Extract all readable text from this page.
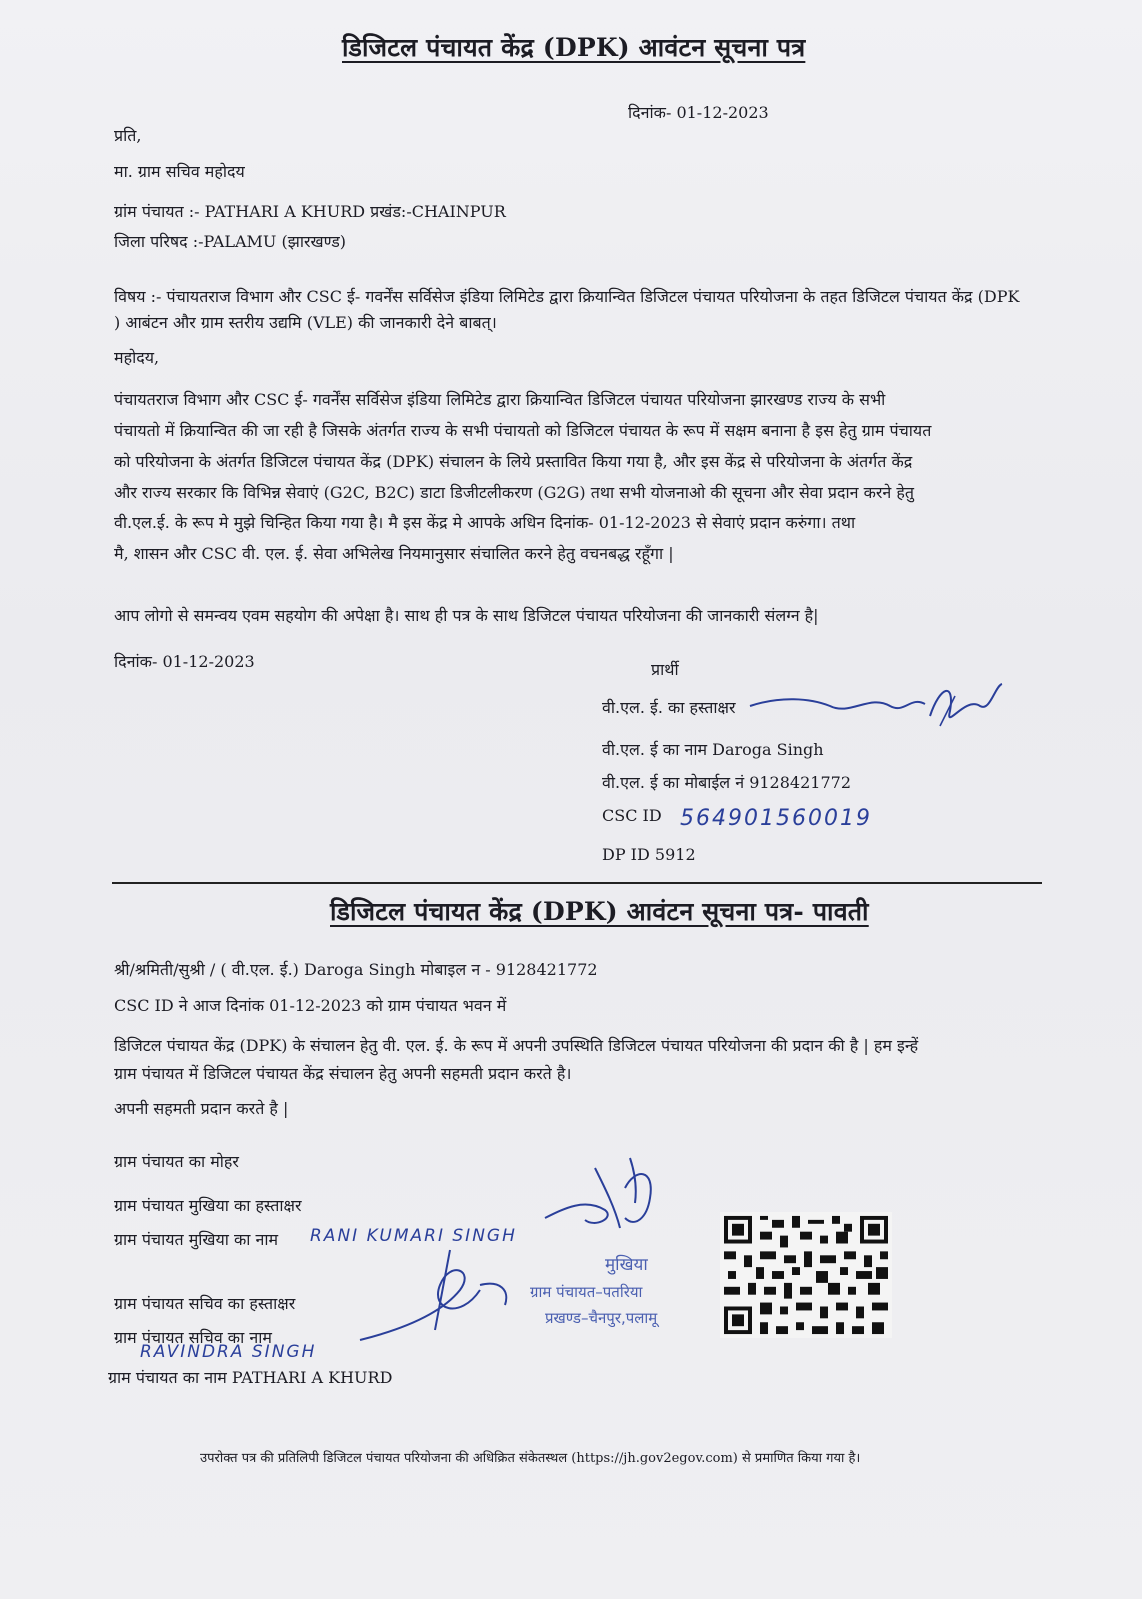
डिजिटल पंचायत केंद्र (DPK) आवंटन सूचना पत्र
दिनांक- 01-12-2023
प्रति,
मा. ग्राम सचिव महोदय
ग्रांम पंचायत :- PATHARI A KHURD प्रखंड:-CHAINPUR
जिला परिषद :-PALAMU (झारखण्ड)
विषय :- पंचायतराज विभाग और CSC ई- गवर्नेंस सर्विसेज इंडिया लिमिटेड द्वारा क्रियान्वित डिजिटल पंचायत परियोजना के तहत डिजिटल पंचायत केंद्र (DPK ) आबंटन और ग्राम स्तरीय उद्यमि (VLE) की जानकारी देने बाबत्।
महोदय,
पंचायतराज विभाग और CSC ई- गवर्नेंस सर्विसेज इंडिया लिमिटेड द्वारा क्रियान्वित डिजिटल पंचायत परियोजना झारखण्ड राज्य के सभी
पंचायतो में क्रियान्वित की जा रही है जिसके अंतर्गत राज्य के सभी पंचायतो को डिजिटल पंचायत के रूप में सक्षम बनाना है इस हेतु ग्राम पंचायत
को परियोजना के अंतर्गत डिजिटल पंचायत केंद्र (DPK) संचालन के लिये प्रस्तावित किया गया है, और इस केंद्र से परियोजना के अंतर्गत केंद्र
और राज्य सरकार कि विभिन्न सेवाएं (G2C, B2C) डाटा डिजीटलीकरण (G2G) तथा सभी योजनाओ की सूचना और सेवा प्रदान करने हेतु
वी.एल.ई. के रूप मे मुझे चिन्हित किया गया है। मै इस केंद्र मे आपके अधिन दिनांक- 01-12-2023 से सेवाएं प्रदान करुंगा। तथा
मै, शासन और CSC वी. एल. ई. सेवा अभिलेख नियमानुसार संचालित करने हेतु वचनबद्ध रहूँगा |
आप लोगो से समन्वय एवम सहयोग की अपेक्षा है। साथ ही पत्र के साथ डिजिटल पंचायत परियोजना की जानकारी संलग्न है|
दिनांक- 01-12-2023	प्रार्थी
वी.एल. ई. का हस्ताक्षर
वी.एल. ई का नाम Daroga Singh
वी.एल. ई का मोबाईल नं 9128421772
CSC ID 564901560019
DP ID 5912
डिजिटल पंचायत केंद्र (DPK) आवंटन सूचना पत्र- पावती
श्री/श्रमिती/सुश्री / ( वी.एल. ई.) Daroga Singh मोबाइल न - 9128421772
CSC ID ने आज दिनांक 01-12-2023 को ग्राम पंचायत भवन में
डिजिटल पंचायत केंद्र (DPK) के संचालन हेतु वी. एल. ई. के रूप में अपनी उपस्थिति डिजिटल पंचायत परियोजना की प्रदान की है | हम इन्हें
ग्राम पंचायत में डिजिटल पंचायत केंद्र संचालन हेतु अपनी सहमती प्रदान करते है।
अपनी सहमती प्रदान करते है |
ग्राम पंचायत का मोहर
ग्राम पंचायत मुखिया का हस्ताक्षर
ग्राम पंचायत मुखिया का नाम RANI KUMARI SINGH
मुखिया
ग्राम पंचायत–पतरिया
प्रखण्ड–चैनपुर,पलामू
ग्राम पंचायत सचिव का हस्ताक्षर
ग्राम पंचायत सचिव का नाम
RAVINDRA SINGH
ग्राम पंचायत का नाम PATHARI A KHURD
उपरोक्त पत्र की प्रतिलिपी डिजिटल पंचायत परियोजना की अधिक्रित संकेतस्थल (https://jh.gov2egov.com) से प्रमाणित किया गया है।
